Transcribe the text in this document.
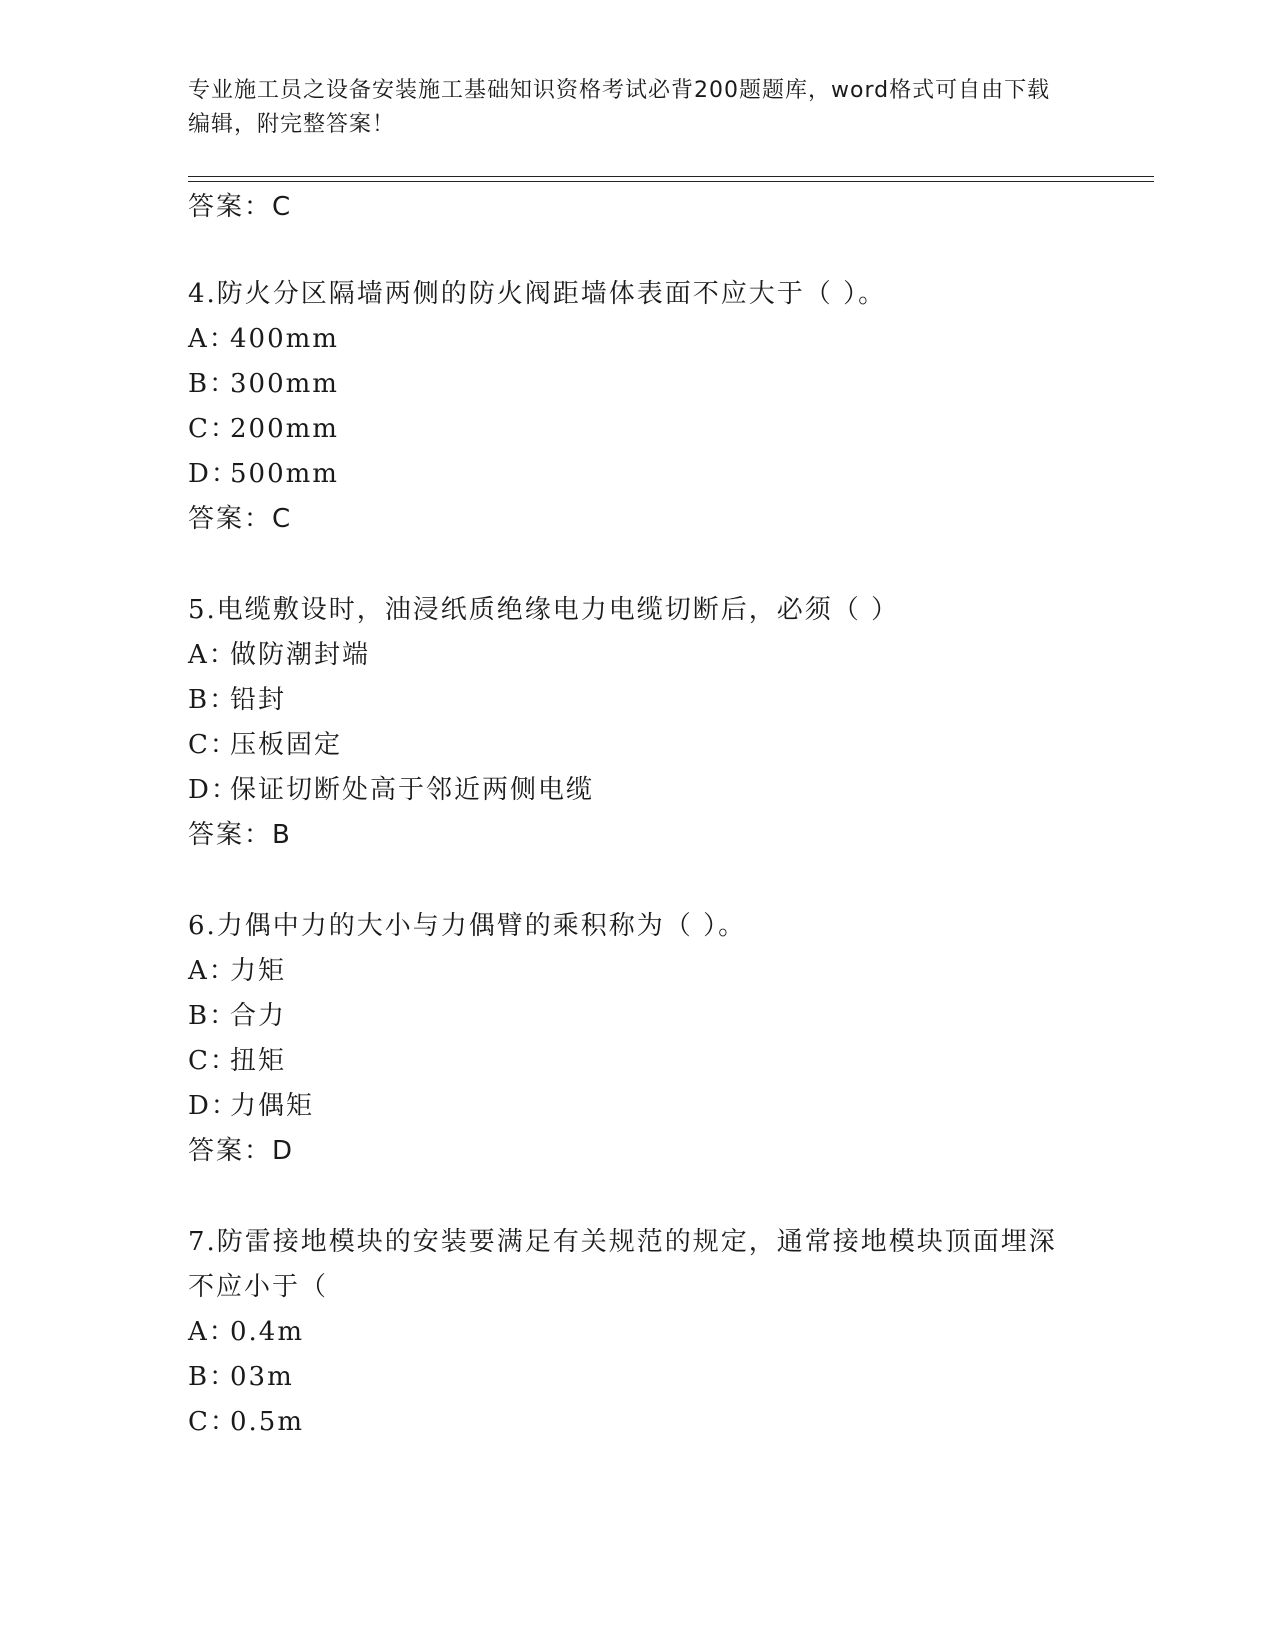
专业施工员之设备安装施工基础知识资格考试必背200题题库，word格式可自由下载编辑，附完整答案！
答案：C
4.防火分区隔墙两侧的防火阀距墙体表面不应大于（ ）。
A：400mm
B：300mm
C：200mm
D：500mm
答案：C
5.电缆敷设时，油浸纸质绝缘电力电缆切断后，必须（ ）
A：做防潮封端
B：铅封
C：压板固定
D：保证切断处高于邻近两侧电缆
答案：B
6.力偶中力的大小与力偶臂的乘积称为（ ）。
A：力矩
B：合力
C：扭矩
D：力偶矩
答案：D
7.防雷接地模块的安装要满足有关规范的规定，通常接地模块顶面埋深不应小于（
A：0.4m
B：03m
C：0.5m
